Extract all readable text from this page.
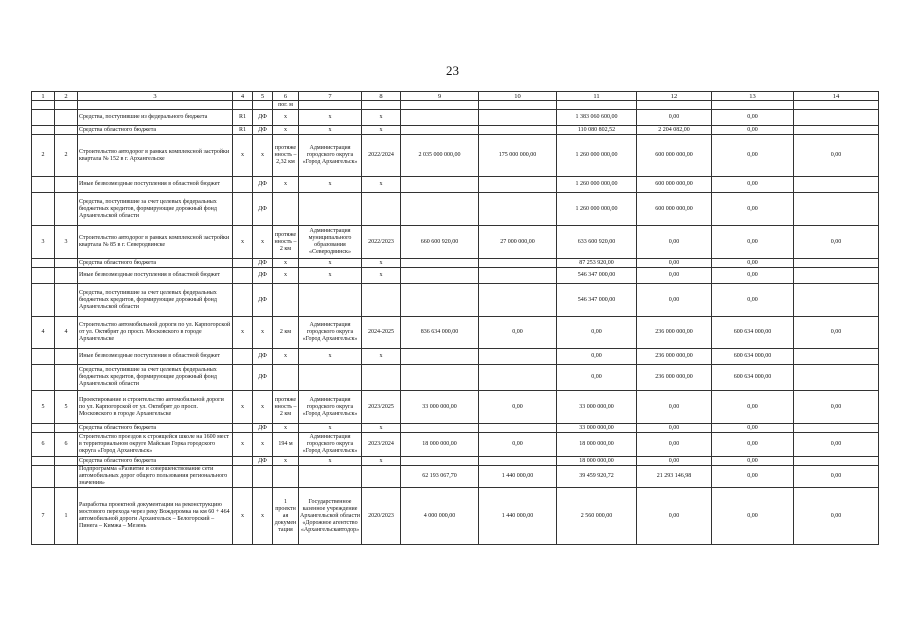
23
1	2	3	4	5	6	7	8	9	10	11	12	13	14
					пог. м								
		Средства, поступившие из федерального бюджета	R1	ДФ	х	х	х			1 383 060 600,00	0,00	0,00	
		Средства областного бюджета	R1	ДФ	х	х	х			110 080 802,52	2 204 082,00	0,00	
2	2	Строительство автодорог в рамках комплексной застройки квартала № 152 в г. Архангельске	х	х	протяженность – 2,32 км	Администрация городского округа «Город Архангельск»	2022/2024	2 035 000 000,00	175 000 000,00	1 260 000 000,00	600 000 000,00	0,00	0,00
		Иные безвозмездные поступления в областной бюджет		ДФ	х	х	х			1 260 000 000,00	600 000 000,00	0,00	
		Средства, поступившие за счет целевых федеральных бюджетных кредитов, формирующие дорожный фонд Архангельской области		ДФ						1 260 000 000,00	600 000 000,00	0,00	
3	3	Строительство автодорог в рамках комплексной застройки квартала № 85 в г. Северодвинске	х	х	протяженность – 2 км	Администрация муниципального образования «Северодвинск»	2022/2023	660 600 920,00	27 000 000,00	633 600 920,00	0,00	0,00	0,00
		Средства областного бюджета		ДФ	х	х	х			87 253 920,00	0,00	0,00	
		Иные безвозмездные поступления в областной бюджет		ДФ	х	х	х			546 347 000,00	0,00	0,00	
		Средства, поступившие за счет целевых федеральных бюджетных кредитов, формирующие дорожный фонд Архангельской области		ДФ						546 347 000,00	0,00	0,00	
4	4	Строительство автомобильной дороги по ул. Карпогорской от ул. Октябрят до просп. Московского в городе Архангельске	х	х	2 км	Администрация городского округа «Город Архангельск»	2024-2025	836 634 000,00	0,00	0,00	236 000 000,00	600 634 000,00	0,00
		Иные безвозмездные поступления в областной бюджет		ДФ	х	х	х			0,00	236 000 000,00	600 634 000,00	
		Средства, поступившие за счет целевых федеральных бюджетных кредитов, формирующие дорожный фонд Архангельской области		ДФ						0,00	236 000 000,00	600 634 000,00	
5	5	Проектирование и строительство автомобильной дороги по ул. Карпогорской от ул. Октябрят до просп. Московского в городе Архангельске	х	х	протяженность – 2 км	Администрация городского округа «Город Архангельск»	2023/2025	33 000 000,00	0,00	33 000 000,00	0,00	0,00	0,00
		Средства областного бюджета		ДФ	х	х	х			33 000 000,00	0,00	0,00	
6	6	Строительство проездов к строящейся школе на 1600 мест в территориальном округе Майская Горка городского округа «Город Архангельск»	х	х	194 м	Администрация городского округа «Город Архангельск»	2023/2024	18 000 000,00	0,00	18 000 000,00	0,00	0,00	0,00
		Средства областного бюджета		ДФ	х	х	х			18 000 000,00	0,00	0,00	
		Подпрограмма «Развитие и совершенствование сети автомобильных дорог общего пользования регионального значения»						62 193 067,70	1 440 000,00	39 459 920,72	21 293 146,98	0,00	0,00
7	1	Разработка проектной документации на реконструкцию мостового перехода через реку Вождеромка на км 60 + 464 автомобильной дороги Архангельск – Белогорский – Пинега – Кимжа – Мезень	х	х	1 проектная документация	Государственное казенное учреждение Архангельской области «Дорожное агентство «Архангельскавтодор»	2020/2023	4 000 000,00	1 440 000,00	2 560 000,00	0,00	0,00	0,00
